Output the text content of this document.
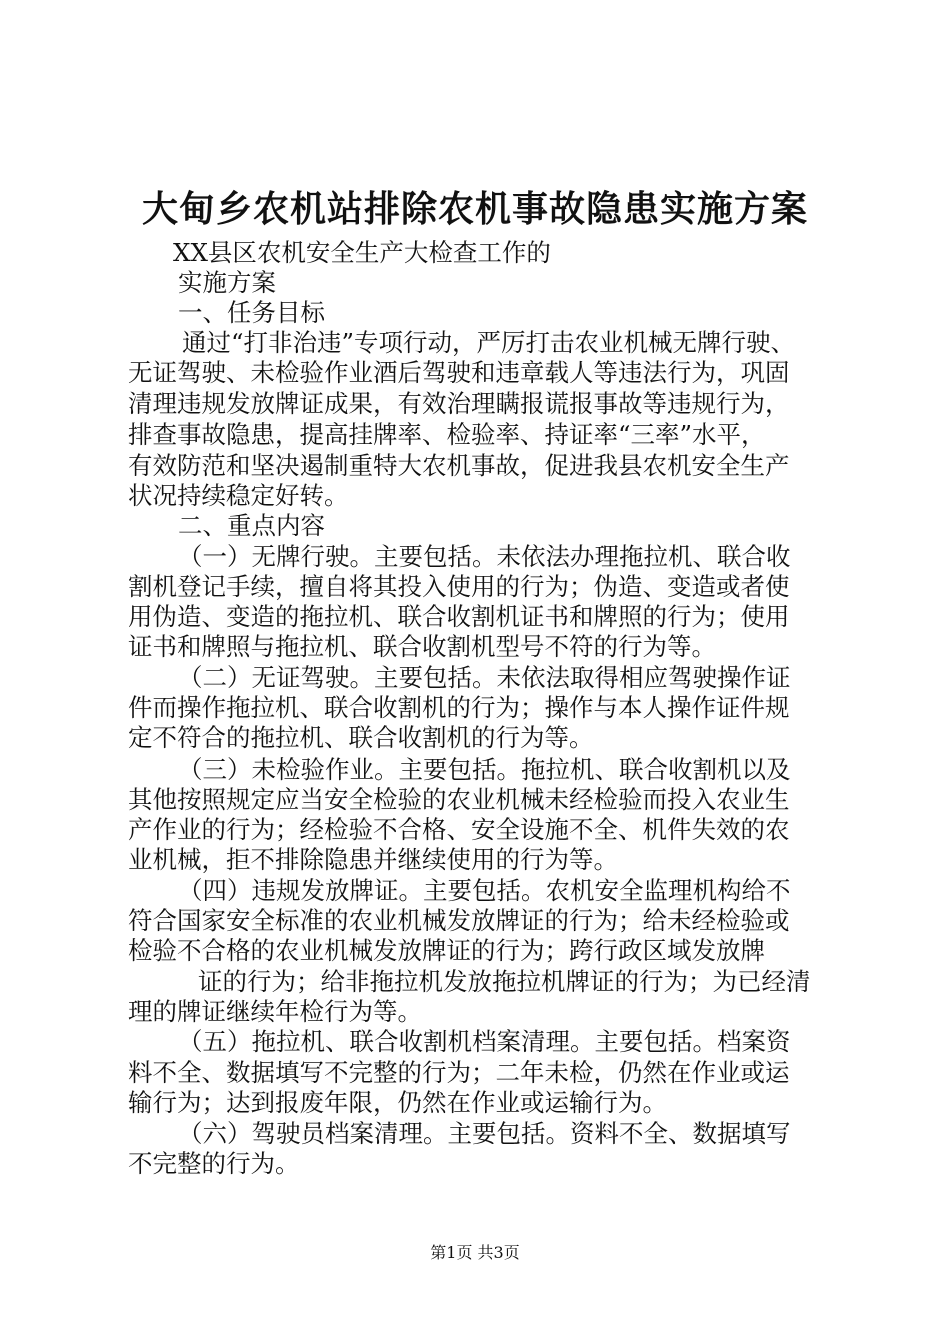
大甸乡农机站排除农机事故隐患实施方案
XX县区农机安全生产大检查工作的
实施方案
一、任务目标
通过“打非治违”专项行动，严厉打击农业机械无牌行驶、
无证驾驶、未检验作业酒后驾驶和违章载人等违法行为，巩固
清理违规发放牌证成果，有效治理瞒报谎报事故等违规行为，
排查事故隐患，提高挂牌率、检验率、持证率“三率”水平，
有效防范和坚决遏制重特大农机事故，促进我县农机安全生产
状况持续稳定好转。
二、重点内容
（一）无牌行驶。主要包括。未依法办理拖拉机、联合收
割机登记手续，擅自将其投入使用的行为；伪造、变造或者使
用伪造、变造的拖拉机、联合收割机证书和牌照的行为；使用
证书和牌照与拖拉机、联合收割机型号不符的行为等。
（二）无证驾驶。主要包括。未依法取得相应驾驶操作证
件而操作拖拉机、联合收割机的行为；操作与本人操作证件规
定不符合的拖拉机、联合收割机的行为等。
（三）未检验作业。主要包括。拖拉机、联合收割机以及
其他按照规定应当安全检验的农业机械未经检验而投入农业生
产作业的行为；经检验不合格、安全设施不全、机件失效的农
业机械，拒不排除隐患并继续使用的行为等。
（四）违规发放牌证。主要包括。农机安全监理机构给不
符合国家安全标准的农业机械发放牌证的行为；给未经检验或
检验不合格的农业机械发放牌证的行为；跨行政区域发放牌
证的行为；给非拖拉机发放拖拉机牌证的行为；为已经清
理的牌证继续年检行为等。
（五）拖拉机、联合收割机档案清理。主要包括。档案资
料不全、数据填写不完整的行为；二年未检，仍然在作业或运
输行为；达到报废年限，仍然在作业或运输行为。
（六）驾驶员档案清理。主要包括。资料不全、数据填写
不完整的行为。
第1页 共3页
